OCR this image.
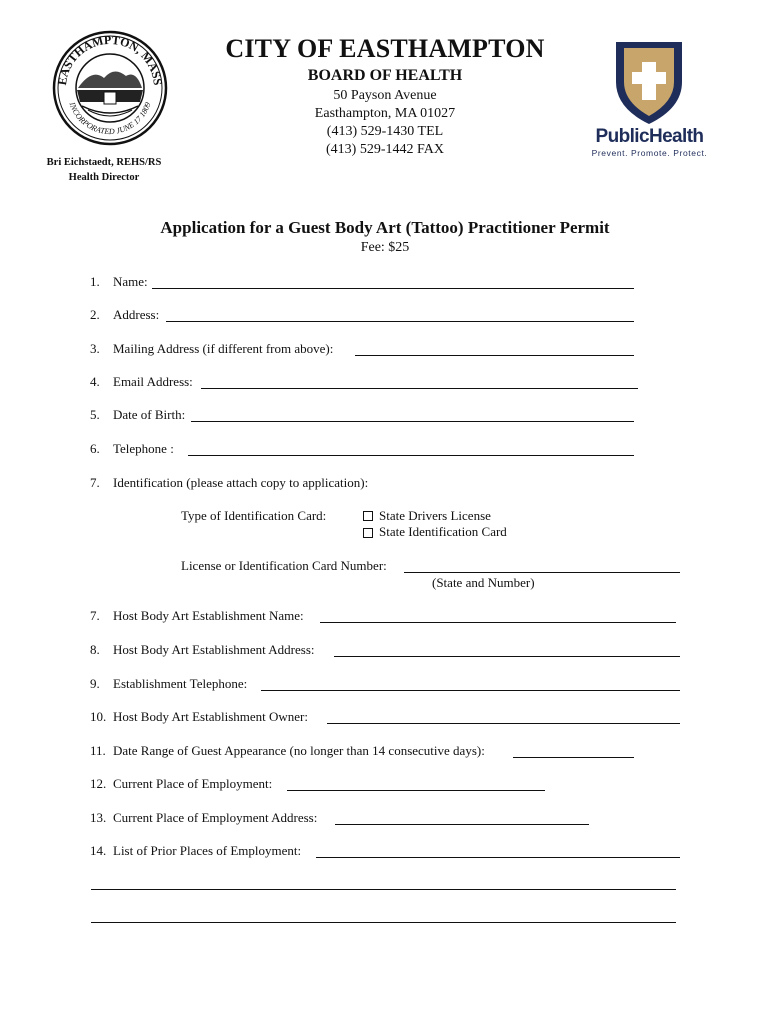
EASTHAMPTON, MASS
INCORPORATED JUNE 17 1809
CITY OF EASTHAMPTON
BOARD OF HEALTH
50 Payson Avenue
Easthampton, MA 01027
(413) 529-1430 TEL
(413) 529-1442 FAX
Bri Eichstaedt, REHS/RS
Health Director
PublicHealth
Prevent. Promote. Protect.
Application for a Guest Body Art (Tattoo) Practitioner Permit
Fee: $25
1. Name:
2. Address:
3. Mailing Address (if different from above):
4. Email Address:
5. Date of Birth:
6. Telephone :
7. Identification (please attach copy to application):
Type of Identification Card:	State Drivers License
State Identification Card
License or Identification Card Number:
(State and Number)
7. Host Body Art Establishment Name:
8. Host Body Art Establishment Address:
9. Establishment Telephone:
10. Host Body Art Establishment Owner:
11. Date Range of Guest Appearance (no longer than 14 consecutive days):
12. Current Place of Employment:
13. Current Place of Employment Address:
14. List of Prior Places of Employment:
